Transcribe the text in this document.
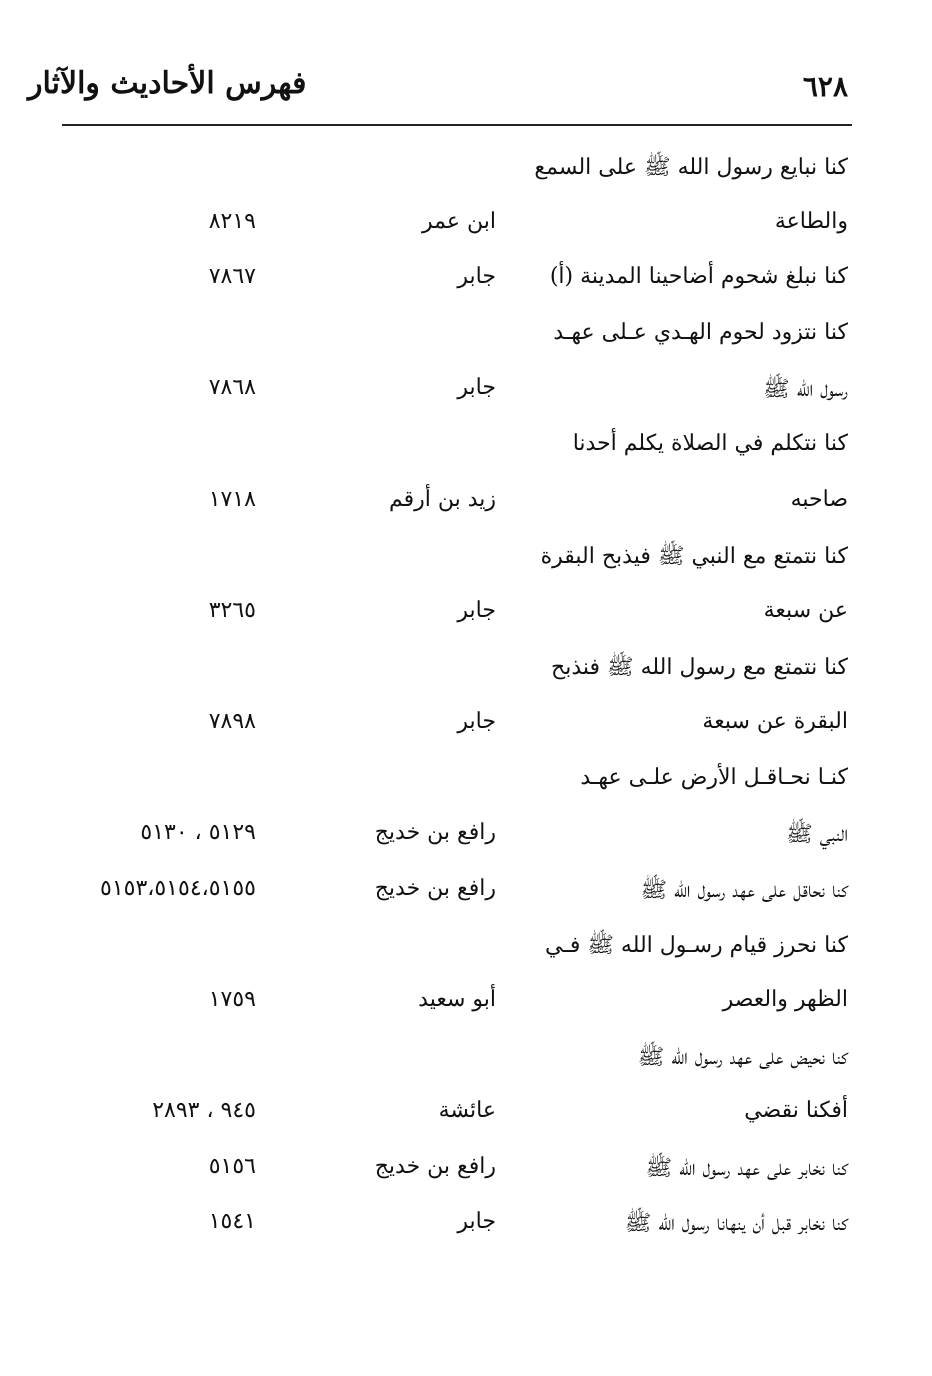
فهرس الأحاديث والآثار	٦٢٨
كنا نبايع رسول الله ﷺ على السمع
والطاعة
ابن عمر
٨٢١٩
كنا نبلغ شحوم أضاحينا المدينة (أ)
جابر
٧٨٦٧
كنا نتزود لحوم الهـدي عـلى عهـد
رسول الله ﷺ
جابر
٧٨٦٨
كنا نتكلم في الصلاة يكلم أحدنا
صاحبه
زيد بن أرقم
١٧١٨
كنا نتمتع مع النبي ﷺ فيذبح البقرة
عن سبعة
جابر
٣٢٦٥
كنا نتمتع مع رسول الله ﷺ فنذبح
البقرة عن سبعة
جابر
٧٨٩٨
كنـا نحـاقـل الأرض علـى عهـد
النبي ﷺ
رافع بن خديج
٥١٢٩ ، ٥١٣٠
كنا نحاقل على عهد رسول الله ﷺ
رافع بن خديج
٥١٥٣،٥١٥٤،٥١٥٥
كنا نحرز قيام رسـول الله ﷺ فـي
الظهر والعصر
أبو سعيد
١٧٥٩
كنا نحيض على عهد رسول الله ﷺ
أفكنا نقضي
عائشة
٩٤٥ ، ٢٨٩٣
كنا نخابر على عهد رسول الله ﷺ
رافع بن خديج
٥١٥٦
كنا نخابر قبل أن ينهانا رسول الله ﷺ
جابر
١٥٤١
